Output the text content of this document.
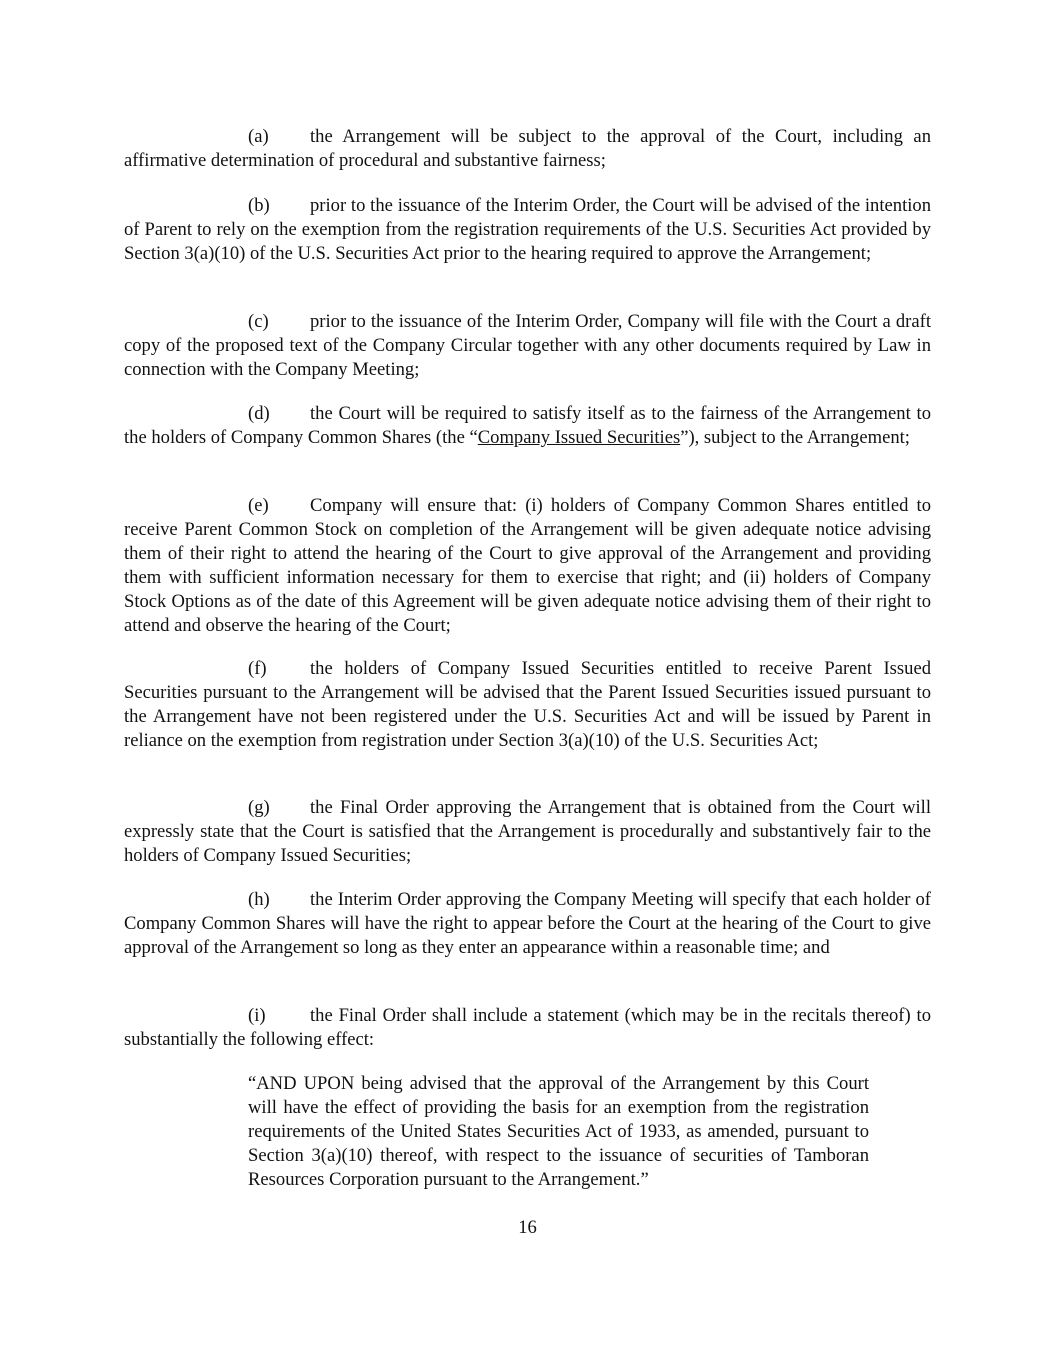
(a) the Arrangement will be subject to the approval of the Court, including an affirmative determination of procedural and substantive fairness;

(b) prior to the issuance of the Interim Order, the Court will be advised of the intention of Parent to rely on the exemption from the registration requirements of the U.S. Securities Act provided by Section 3(a)(10) of the U.S. Securities Act prior to the hearing required to approve the Arrangement;

(c) prior to the issuance of the Interim Order, Company will file with the Court a draft copy of the proposed text of the Company Circular together with any other documents required by Law in connection with the Company Meeting;

(d) the Court will be required to satisfy itself as to the fairness of the Arrangement to the holders of Company Common Shares (the “Company Issued Securities”), subject to the Arrangement;

(e) Company will ensure that: (i) holders of Company Common Shares entitled to receive Parent Common Stock on completion of the Arrangement will be given adequate notice advising them of their right to attend the hearing of the Court to give approval of the Arrangement and providing them with sufficient information necessary for them to exercise that right; and (ii) holders of Company Stock Options as of the date of this Agreement will be given adequate notice advising them of their right to attend and observe the hearing of the Court;

(f) the holders of Company Issued Securities entitled to receive Parent Issued Securities pursuant to the Arrangement will be advised that the Parent Issued Securities issued pursuant to the Arrangement have not been registered under the U.S. Securities Act and will be issued by Parent in reliance on the exemption from registration under Section 3(a)(10) of the U.S. Securities Act;

(g) the Final Order approving the Arrangement that is obtained from the Court will expressly state that the Court is satisfied that the Arrangement is procedurally and substantively fair to the holders of Company Issued Securities;

(h) the Interim Order approving the Company Meeting will specify that each holder of Company Common Shares will have the right to appear before the Court at the hearing of the Court to give approval of the Arrangement so long as they enter an appearance within a reasonable time; and

(i) the Final Order shall include a statement (which may be in the recitals thereof) to substantially the following effect:

“AND UPON being advised that the approval of the Arrangement by this Court will have the effect of providing the basis for an exemption from the registration requirements of the United States Securities Act of 1933, as amended, pursuant to Section 3(a)(10) thereof, with respect to the issuance of securities of Tamboran Resources Corporation pursuant to the Arrangement.”

16
